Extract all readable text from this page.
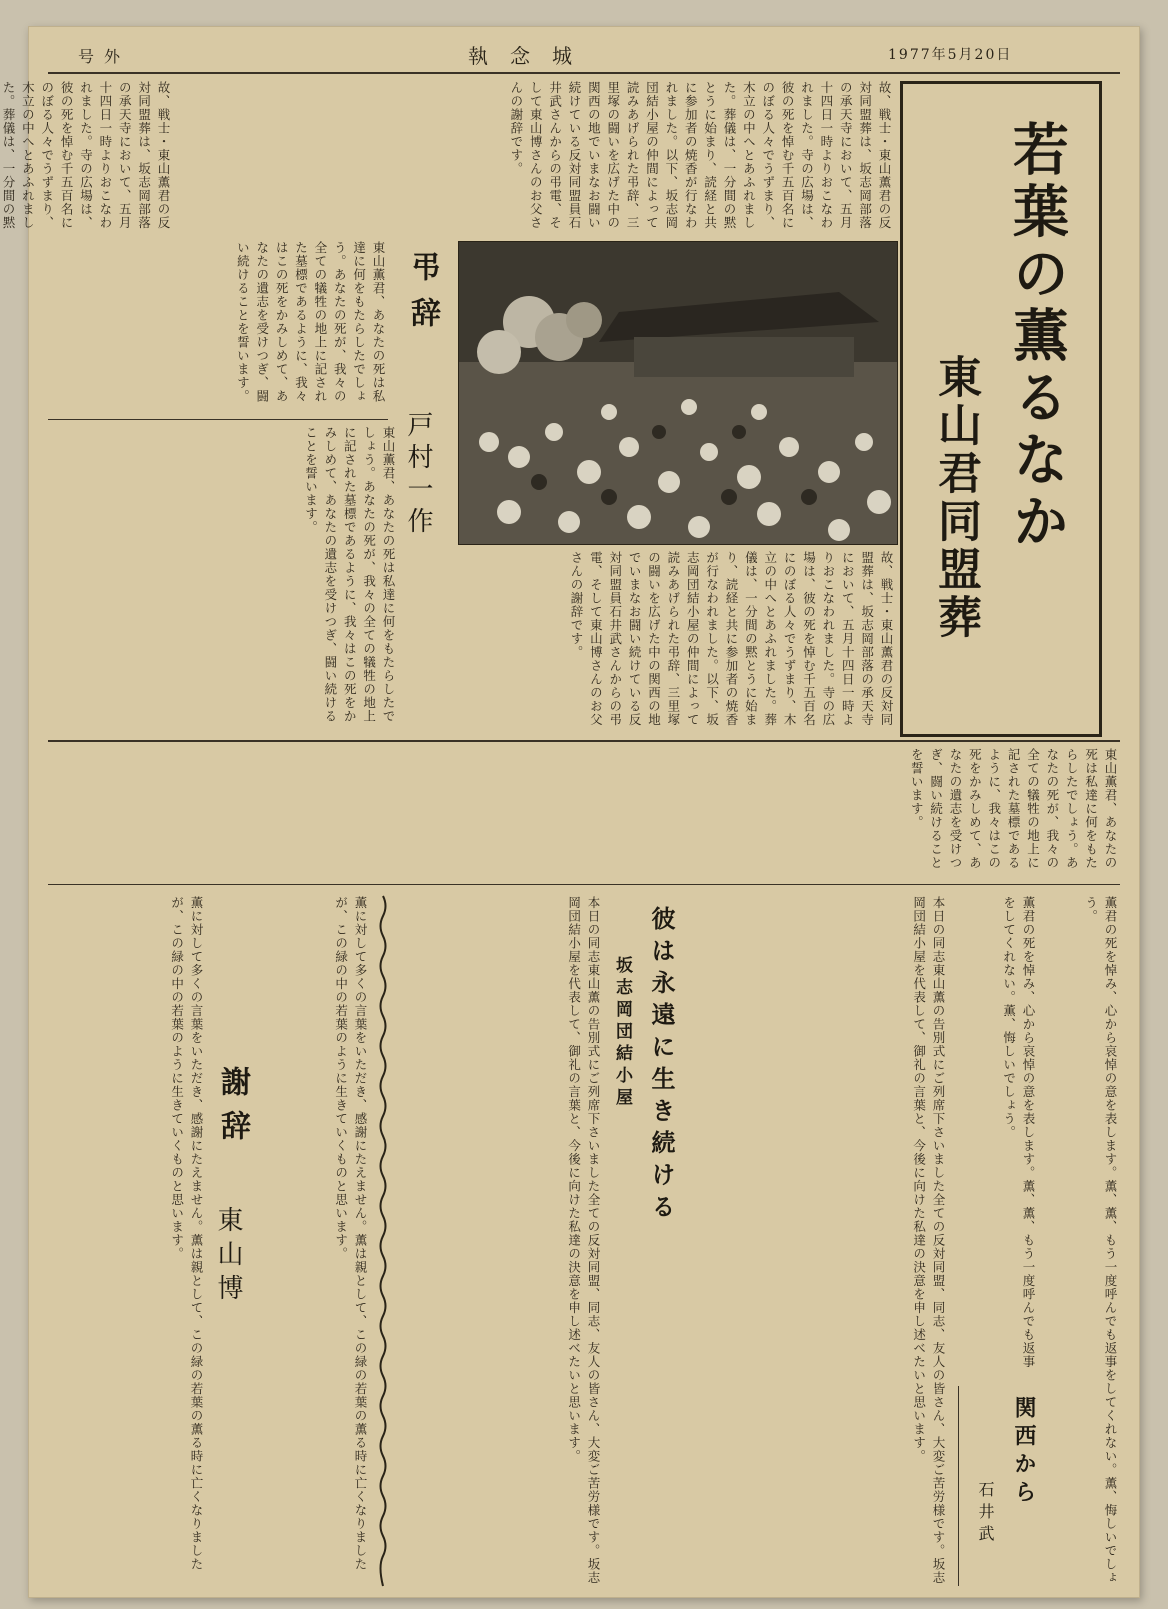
号外	執念城	1977年5月20日
若葉の薫るなか
東山君同盟葬
故、戦士・東山薫君の反対同盟葬は、坂志岡部落の承天寺において、五月十四日一時よりおこなわれました。寺の広場は、彼の死を悼む千五百名にのぼる人々でうずまり、木立の中へとあふれました。葬儀は、一分間の黙とうに始まり、読経と共に参加者の焼香が行なわれました。以下、坂志岡団結小屋の仲間によって読みあげられた弔辞、三里塚の闘いを広げた中の関西の地でいまなお闘い続けている反対同盟員石井武さんからの弔電、そして東山博さんのお父さんの謝辞です。
故、戦士・東山薫君の反対同盟葬は、坂志岡部落の承天寺において、五月十四日一時よりおこなわれました。寺の広場は、彼の死を悼む千五百名にのぼる人々でうずまり、木立の中へとあふれました。葬儀は、一分間の黙
弔辞
戸村一作
東山薫君、あなたの死は私達に何をもたらしたでしょう。あなたの死が、我々の全ての犠牲の地上に記された墓標であるように、我々はこの死をかみしめて、あなたの遺志を受けつぎ、闘い続けることを誓います。
東山薫君、あなたの死は私達に何をもたらしたでしょう。あなたの死が、我々の全ての犠牲の地上に記された墓標であるように、我々はこの死をかみしめて、あなたの遺志を受けつぎ、闘い続けることを誓います。
故、戦士・東山薫君の反対同盟葬は、坂志岡部落の承天寺において、五月十四日一時よりおこなわれました。寺の広場は、彼の死を悼む千五百名にのぼる人々でうずまり、木立の中へとあふれました。葬儀は、一分間の黙とうに始まり、読経と共に参加者の焼香が行なわれました。以下、坂志岡団結小屋の仲間によって読みあげられた弔辞、三里塚の闘いを広げた中の関西の地でいまなお闘い続けている反対同盟員石井武さんからの弔電、そして東山博さんのお父さんの謝辞です。
東山薫君、あなたの死は私達に何をもたらしたでしょう。あなたの死が、我々の全ての犠牲の地上に記された墓標であるように、我々はこの死をかみしめて、あなたの遺志を受けつぎ、闘い続けることを誓います。
彼は永遠に生き続ける
坂志岡団結小屋
本日の同志東山薫の告別式にご列席下さいました全ての反対同盟、同志、友人の皆さん、大変ご苦労様です。坂志岡団結小屋を代表して、御礼の言葉と、今後に向けた私達の決意を申し述べたいと思います。	本日の同志東山薫の告別式にご列席下さいました全ての反対同盟、同志、友人の皆さん、大変ご苦労様です。坂志岡団結小屋を代表して、御礼の言葉と、今後に向けた私達の決意を申し述べたいと思います。
謝辞
東山博	薫に対して多くの言葉をいただき、感謝にたえません。薫は親として、この緑の若葉の薫る時に亡くなりましたが、この緑の中の若葉のように生きていくものと思います。
薫に対して多くの言葉をいただき、感謝にたえません。薫は親として、この緑の若葉の薫る時に亡くなりましたが、この緑の中の若葉のように生きていくものと思います。
関西から
石井武	薫君の死を悼み、心から哀悼の意を表します。薫、薫、もう一度呼んでも返事をしてくれない。薫、悔しいでしょう。
薫君の死を悼み、心から哀悼の意を表します。薫、薫、もう一度呼んでも返事をしてくれない。薫、悔しいでしょう。
